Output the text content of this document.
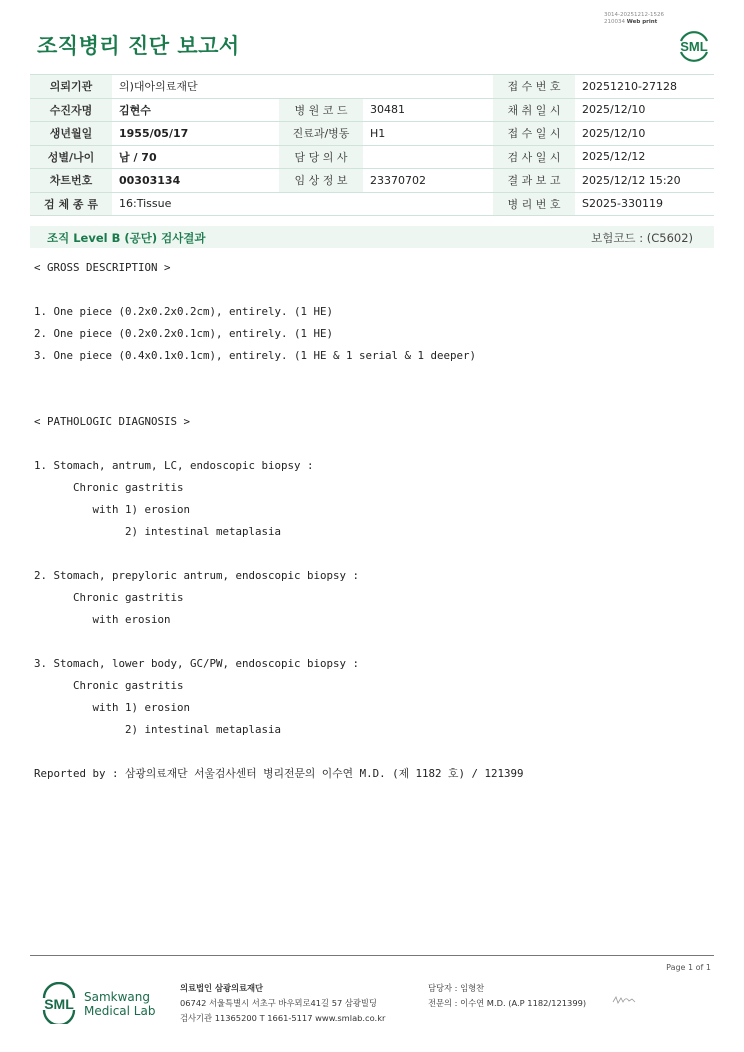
3014-20251212-1526
210034 Web print
조직병리 진단 보고서	SML
의뢰기관	의)대아의료재단			접 수 번 호	20251210-27128
수진자명	김현수	병 원 코 드	30481	채 취 일 시	2025/12/10
생년월일	1955/05/17	진료과/병동	H1	접 수 일 시	2025/12/10
성별/나이	남 / 70	담 당 의 사		검 사 일 시	2025/12/12
차트번호	00303134	임 상 정 보	23370702	결 과 보 고	2025/12/12 15:20
검 체 종 류	16:Tissue			병 리 번 호	S2025-330119
조직 Level B (공단) 검사결과	보험코드 : (C5602)
< GROSS DESCRIPTION >
1. One piece (0.2x0.2x0.2cm), entirely. (1 HE)
2. One piece (0.2x0.2x0.1cm), entirely. (1 HE)
3. One piece (0.4x0.1x0.1cm), entirely. (1 HE & 1 serial & 1 deeper)
< PATHOLOGIC DIAGNOSIS >
1. Stomach, antrum, LC, endoscopic biopsy :
Chronic gastritis
with 1) erosion
2) intestinal metaplasia
2. Stomach, prepyloric antrum, endoscopic biopsy :
Chronic gastritis
with erosion
3. Stomach, lower body, GC/PW, endoscopic biopsy :
Chronic gastritis
with 1) erosion
2) intestinal metaplasia
Reported by : 삼광의료재단 서울검사센터 병리전문의 이수연 M.D. (제 1182 호) / 121399
Page 1 of 1
SML Samkwang
Medical Lab
의료법인 삼광의료재단
06742 서울특별시 서초구 바우뫼로41길 57 삼광빌딩
검사기관 11365200 T 1661-5117 www.smlab.co.kr
담당자 : 임형찬
전문의 : 이수연 M.D. (A.P 1182/121399)
